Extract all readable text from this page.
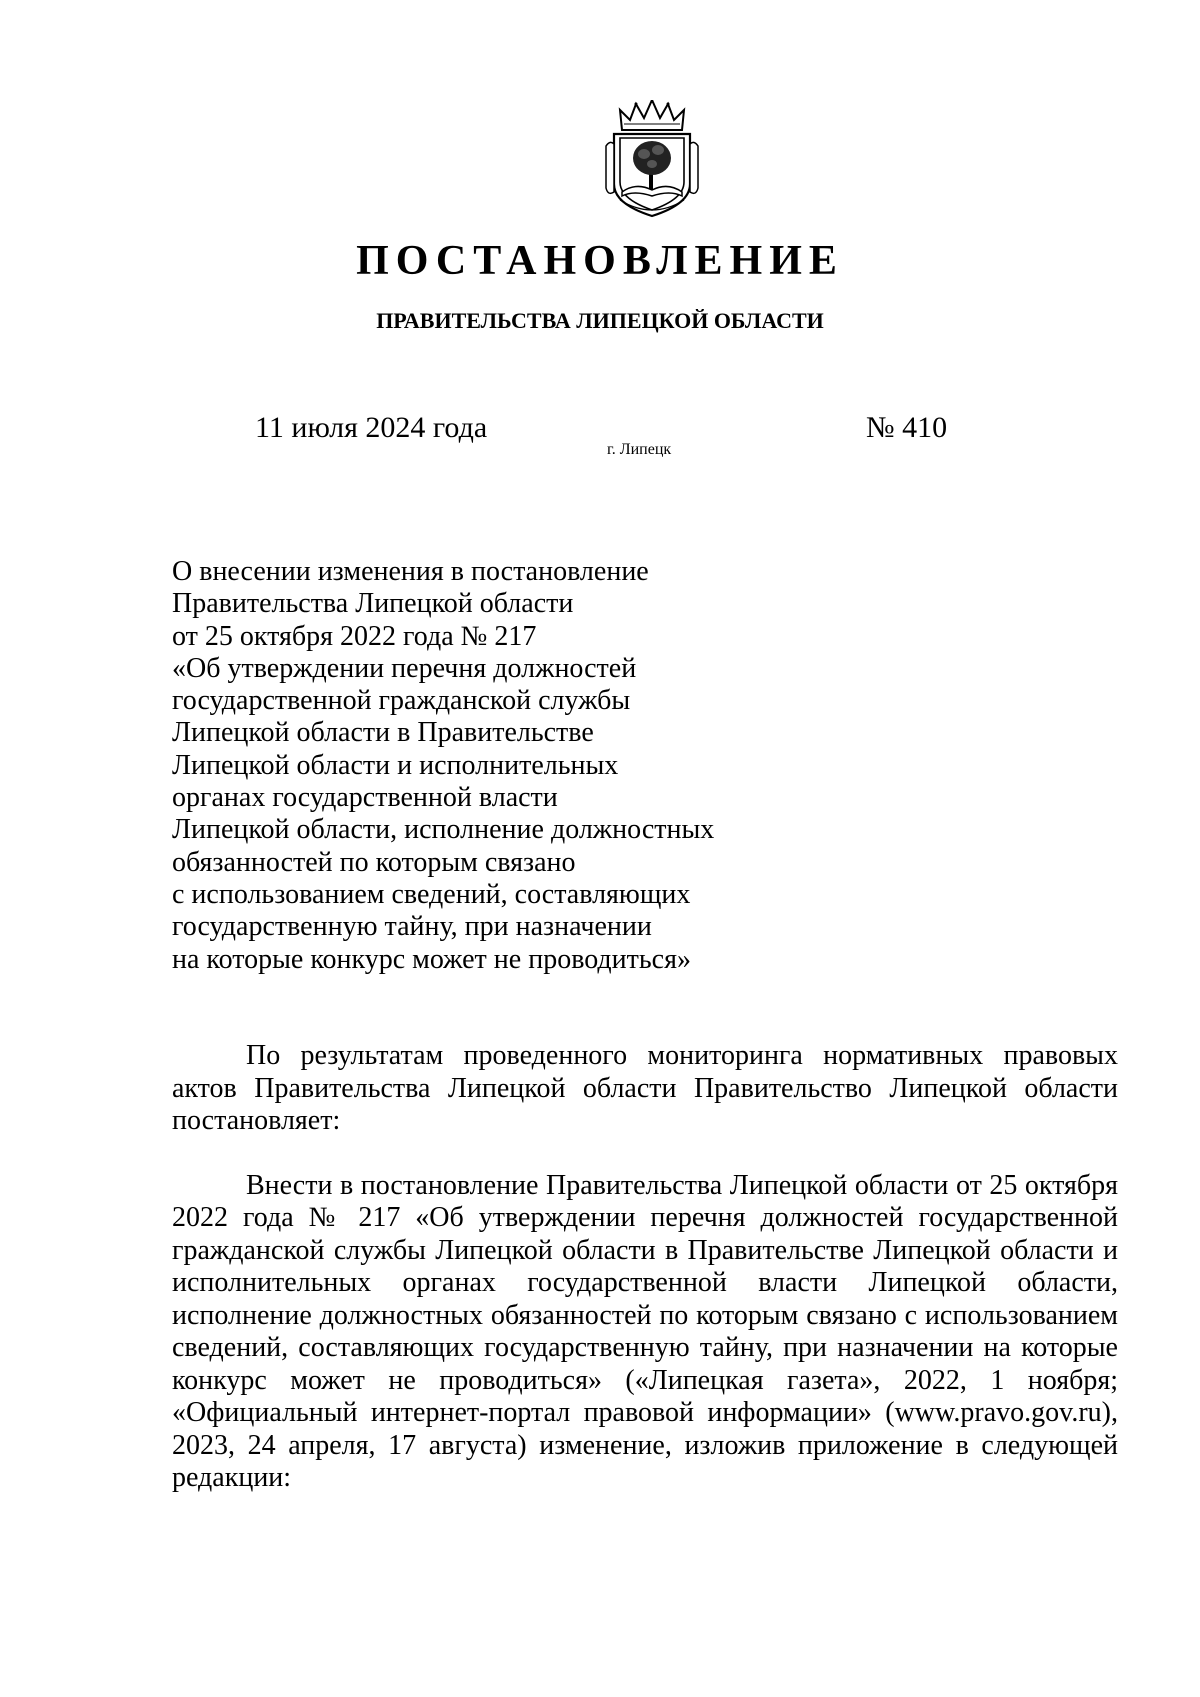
ПОСТАНОВЛЕНИЕ
ПРАВИТЕЛЬСТВА ЛИПЕЦКОЙ ОБЛАСТИ
11 июля 2024 года
г. Липецк
№ 410
О внесении изменения в постановление
Правительства Липецкой области
от 25 октября 2022 года № 217
«Об утверждении перечня должностей
государственной гражданской службы
Липецкой области в Правительстве
Липецкой области и исполнительных
органах государственной власти
Липецкой области, исполнение должностных
обязанностей по которым связано
с использованием сведений, составляющих
государственную тайну, при назначении
на которые конкурс может не проводиться»

По результатам проведенного мониторинга нормативных правовых актов Правительства Липецкой области Правительство Липецкой области постановляет:

Внести в постановление Правительства Липецкой области от 25 октября 2022 года № 217 «Об утверждении перечня должностей государственной гражданской службы Липецкой области в Правительстве Липецкой области и исполнительных органах государственной власти Липецкой области, исполнение должностных обязанностей по которым связано с использованием сведений, составляющих государственную тайну, при назначении на которые конкурс может не проводиться» («Липецкая газета», 2022, 1 ноября; «Официальный интернет-портал правовой информации» (www.pravo.gov.ru), 2023, 24 апреля, 17 августа) изменение, изложив приложение в следующей редакции:
